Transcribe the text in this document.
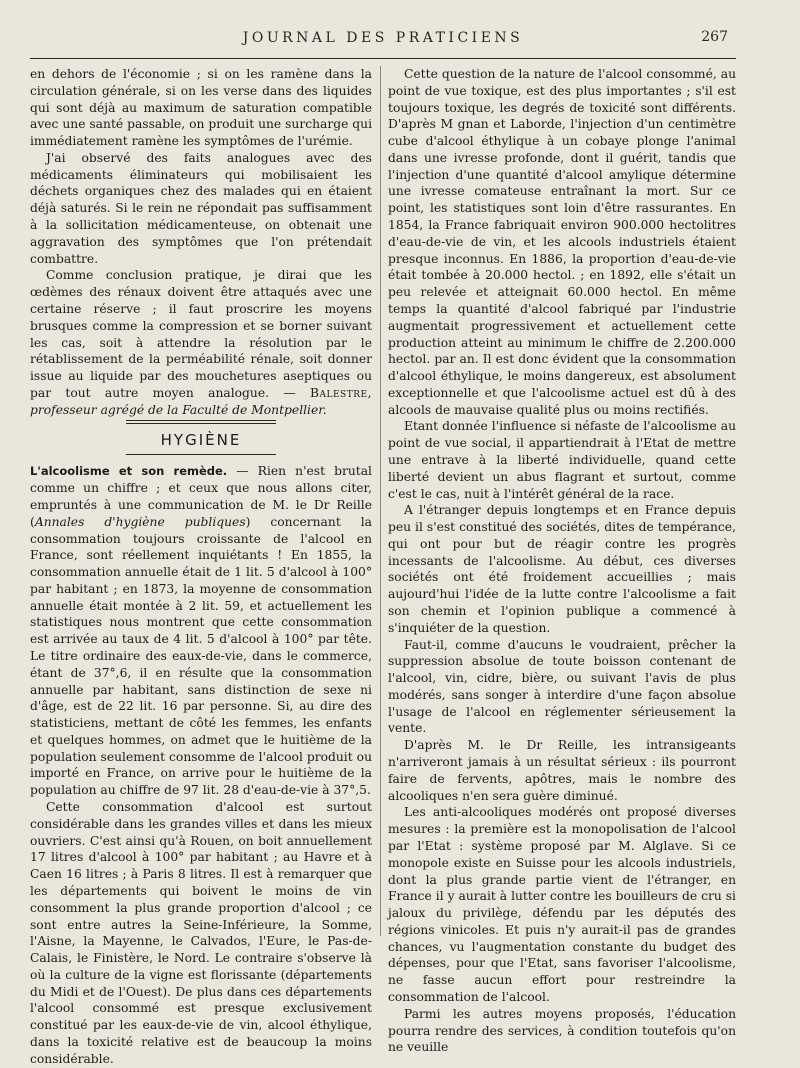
JOURNAL DES PRATICIENS	267

en dehors de l'économie ; si on les ramène dans la circulation générale, si on les verse dans des liquides qui sont déjà au maximum de saturation compatible avec une santé passable, on produit une surcharge qui immédiatement ramène les symptômes de l'urémie.

J'ai observé des faits analogues avec des médicaments éliminateurs qui mobilisaient les déchets organiques chez des malades qui en étaient déjà saturés. Si le rein ne répondait pas suffisamment à la sollicitation médicamenteuse, on obtenait une aggravation des symptômes que l'on prétendait combattre.

Comme conclusion pratique, je dirai que les œdèmes des rénaux doivent être attaqués avec une certaine réserve ; il faut proscrire les moyens brusques comme la compression et se borner suivant les cas, soit à attendre la résolution par le rétablissement de la perméabilité rénale, soit donner issue au liquide par des mouchetures aseptiques ou par tout autre moyen analogue. — Balestre, professeur agrégé de la Faculté de Montpellier.

HYGIÈNE

L'alcoolisme et son remède. — Rien n'est brutal comme un chiffre ; et ceux que nous allons citer, empruntés à une communication de M. le Dr Reille (Annales d'hygiène publiques) concernant la consommation toujours croissante de l'alcool en France, sont réellement inquiétants ! En 1855, la consommation annuelle était de 1 lit. 5 d'alcool à 100° par habitant ; en 1873, la moyenne de consommation annuelle était montée à 2 lit. 59, et actuellement les statistiques nous montrent que cette consommation est arrivée au taux de 4 lit. 5 d'alcool à 100° par tête. Le titre ordinaire des eaux-de-vie, dans le commerce, étant de 37°,6, il en résulte que la consommation annuelle par habitant, sans distinction de sexe ni d'âge, est de 22 lit. 16 par personne. Si, au dire des statisticiens, mettant de côté les femmes, les enfants et quelques hommes, on admet que le huitième de la population seulement consomme de l'alcool produit ou importé en France, on arrive pour le huitième de la population au chiffre de 97 lit. 28 d'eau-de-vie à 37°,5.

Cette consommation d'alcool est surtout considérable dans les grandes villes et dans les mieux ouvriers. C'est ainsi qu'à Rouen, on boit annuellement 17 litres d'alcool à 100° par habitant ; au Havre et à Caen 16 litres ; à Paris 8 litres. Il est à remarquer que les départements qui boivent le moins de vin consomment la plus grande proportion d'alcool ; ce sont entre autres la Seine-Inférieure, la Somme, l'Aisne, la Mayenne, le Calvados, l'Eure, le Pas-de-Calais, le Finistère, le Nord. Le contraire s'observe là où la culture de la vigne est florissante (départements du Midi et de l'Ouest). De plus dans ces départements l'alcool consommé est presque exclusivement constitué par les eaux-de-vie de vin, alcool éthylique, dans la toxicité relative est de beaucoup la moins considérable.

Cette question de la nature de l'alcool consommé, au point de vue toxique, est des plus importantes ; s'il est toujours toxique, les degrés de toxicité sont différents. D'après M gnan et Laborde, l'injection d'un centimètre cube d'alcool éthylique à un cobaye plonge l'animal dans une ivresse profonde, dont il guérit, tandis que l'injection d'une quantité d'alcool amylique détermine une ivresse comateuse entraînant la mort. Sur ce point, les statistiques sont loin d'être rassurantes. En 1854, la France fabriquait environ 900.000 hectolitres d'eau-de-vie de vin, et les alcools industriels étaient presque inconnus. En 1886, la proportion d'eau-de-vie était tombée à 20.000 hectol. ; en 1892, elle s'était un peu relevée et atteignait 60.000 hectol. En même temps la quantité d'alcool fabriqué par l'industrie augmentait progressivement et actuellement cette production atteint au minimum le chiffre de 2.200.000 hectol. par an. Il est donc évident que la consommation d'alcool éthylique, le moins dangereux, est absolument exceptionnelle et que l'alcoolisme actuel est dû à des alcools de mauvaise qualité plus ou moins rectifiés.

Etant donnée l'influence si néfaste de l'alcoolisme au point de vue social, il appartiendrait à l'Etat de mettre une entrave à la liberté individuelle, quand cette liberté devient un abus flagrant et surtout, comme c'est le cas, nuit à l'intérêt général de la race.

A l'étranger depuis longtemps et en France depuis peu il s'est constitué des sociétés, dites de tempérance, qui ont pour but de réagir contre les progrès incessants de l'alcoolisme. Au début, ces diverses sociétés ont été froidement accueillies ; mais aujourd'hui l'idée de la lutte contre l'alcoolisme a fait son chemin et l'opinion publique a commencé à s'inquiéter de la question.

Faut-il, comme d'aucuns le voudraient, prêcher la suppression absolue de toute boisson contenant de l'alcool, vin, cidre, bière, ou suivant l'avis de plus modérés, sans songer à interdire d'une façon absolue l'usage de l'alcool en réglementer sérieusement la vente.

D'après M. le Dr Reille, les intransigeants n'arriveront jamais à un résultat sérieux : ils pourront faire de fervents, apôtres, mais le nombre des alcooliques n'en sera guère diminué.

Les anti-alcooliques modérés ont proposé diverses mesures : la première est la monopolisation de l'alcool par l'Etat : système proposé par M. Alglave. Si ce monopole existe en Suisse pour les alcools industriels, dont la plus grande partie vient de l'étranger, en France il y aurait à lutter contre les bouilleurs de cru si jaloux du privilège, défendu par les députés des régions vinicoles. Et puis n'y aurait-il pas de grandes chances, vu l'augmentation constante du budget des dépenses, pour que l'Etat, sans favoriser l'alcoolisme, ne fasse aucun effort pour restreindre la consommation de l'alcool.

Parmi les autres moyens proposés, l'éducation pourra rendre des services, à condition toutefois qu'on ne veuille
